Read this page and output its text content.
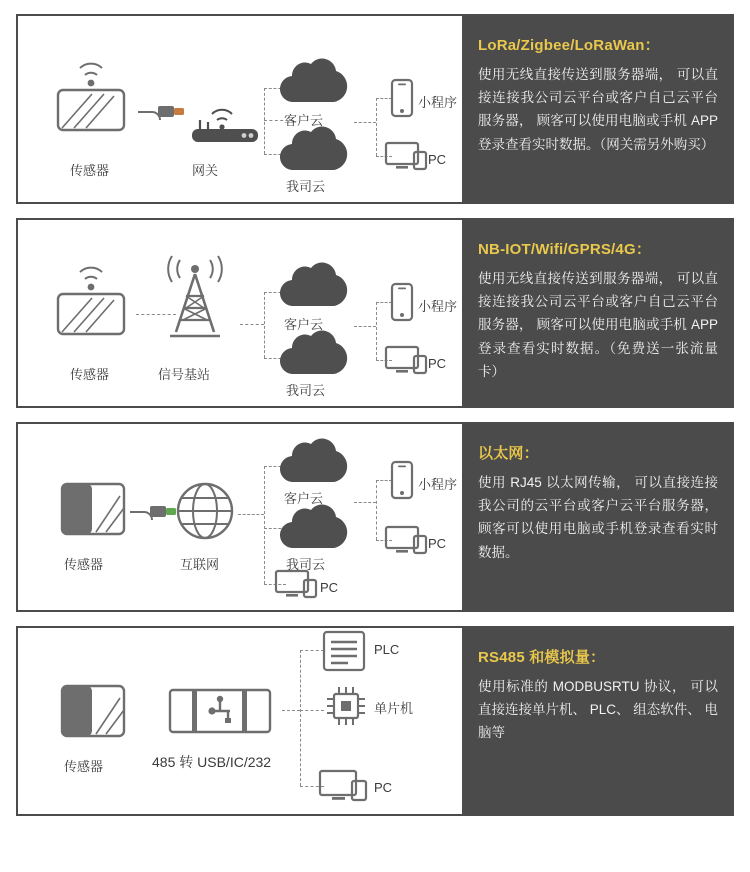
传感器	网关
客户云
我司云
小程序
PC
LoRa/Zigbee/LoRaWan：
使用无线直接传送到服务器端， 可以直接连接我公司云平台或客户自己云平台服务器， 顾客可以使用电脑或手机 APP 登录查看实时数据。（网关需另外购买）
传感器	信号基站
客户云
我司云
小程序
PC
NB-IOT/Wifi/GPRS/4G：
使用无线直接传送到服务器端， 可以直接连接我公司云平台或客户自己云平台服务器， 顾客可以使用电脑或手机 APP 登录查看实时数据。（免费送一张流量卡）
传感器	互联网
客户云
我司云
PC
小程序
PC
以太网：
使用 RJ45 以太网传输， 可以直接连接我公司的云平台或客户云平台服务器， 顾客可以使用电脑或手机登录查看实时数据。
传感器	485 转 USB/IC/232
PLC
单片机
PC
RS485 和模拟量：
使用标准的 MODBUSRTU 协议， 可以直接连接单片机、 PLC、 组态软件、 电脑等
